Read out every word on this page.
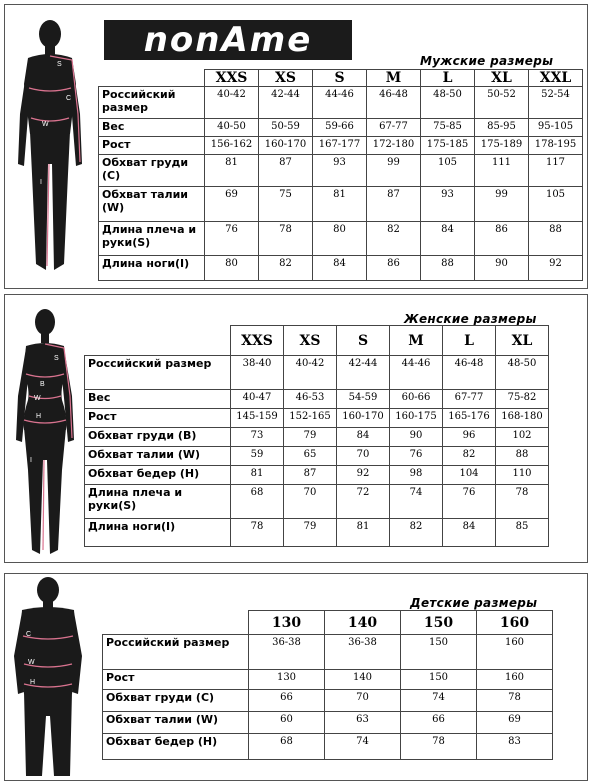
S
C
W
I
nonAme
Мужские размеры
	XXS	XS	S	M	L	XL	XXL
Российский размер	40-42	42-44	44-46	46-48	48-50	50-52	52-54
Вес	40-50	50-59	59-66	67-77	75-85	85-95	95-105
Рост	156-162	160-170	167-177	172-180	175-185	175-189	178-195
Обхват груди (C)	81	87	93	99	105	111	117
Обхват талии (W)	69	75	81	87	93	99	105
Длина плеча и руки(S)	76	78	80	82	84	86	88
Длина ноги(I)	80	82	84	86	88	90	92
S
B
W
H
I
Женские размеры
	XXS	XS	S	M	L	XL
Российский размер	38-40	40-42	42-44	44-46	46-48	48-50
Вес	40-47	46-53	54-59	60-66	67-77	75-82
Рост	145-159	152-165	160-170	160-175	165-176	168-180
Обхват груди (B)	73	79	84	90	96	102
Обхват талии (W)	59	65	70	76	82	88
Обхват бедер (H)	81	87	92	98	104	110
Длина плеча и руки(S)	68	70	72	74	76	78
Длина ноги(I)	78	79	81	82	84	85
C
W
H
Детские размеры
	130	140	150	160
Российский размер	36-38	36-38	150	160
Рост	130	140	150	160
Обхват груди (C)	66	70	74	78
Обхват талии (W)	60	63	66	69
Обхват бедер (H)	68	74	78	83
